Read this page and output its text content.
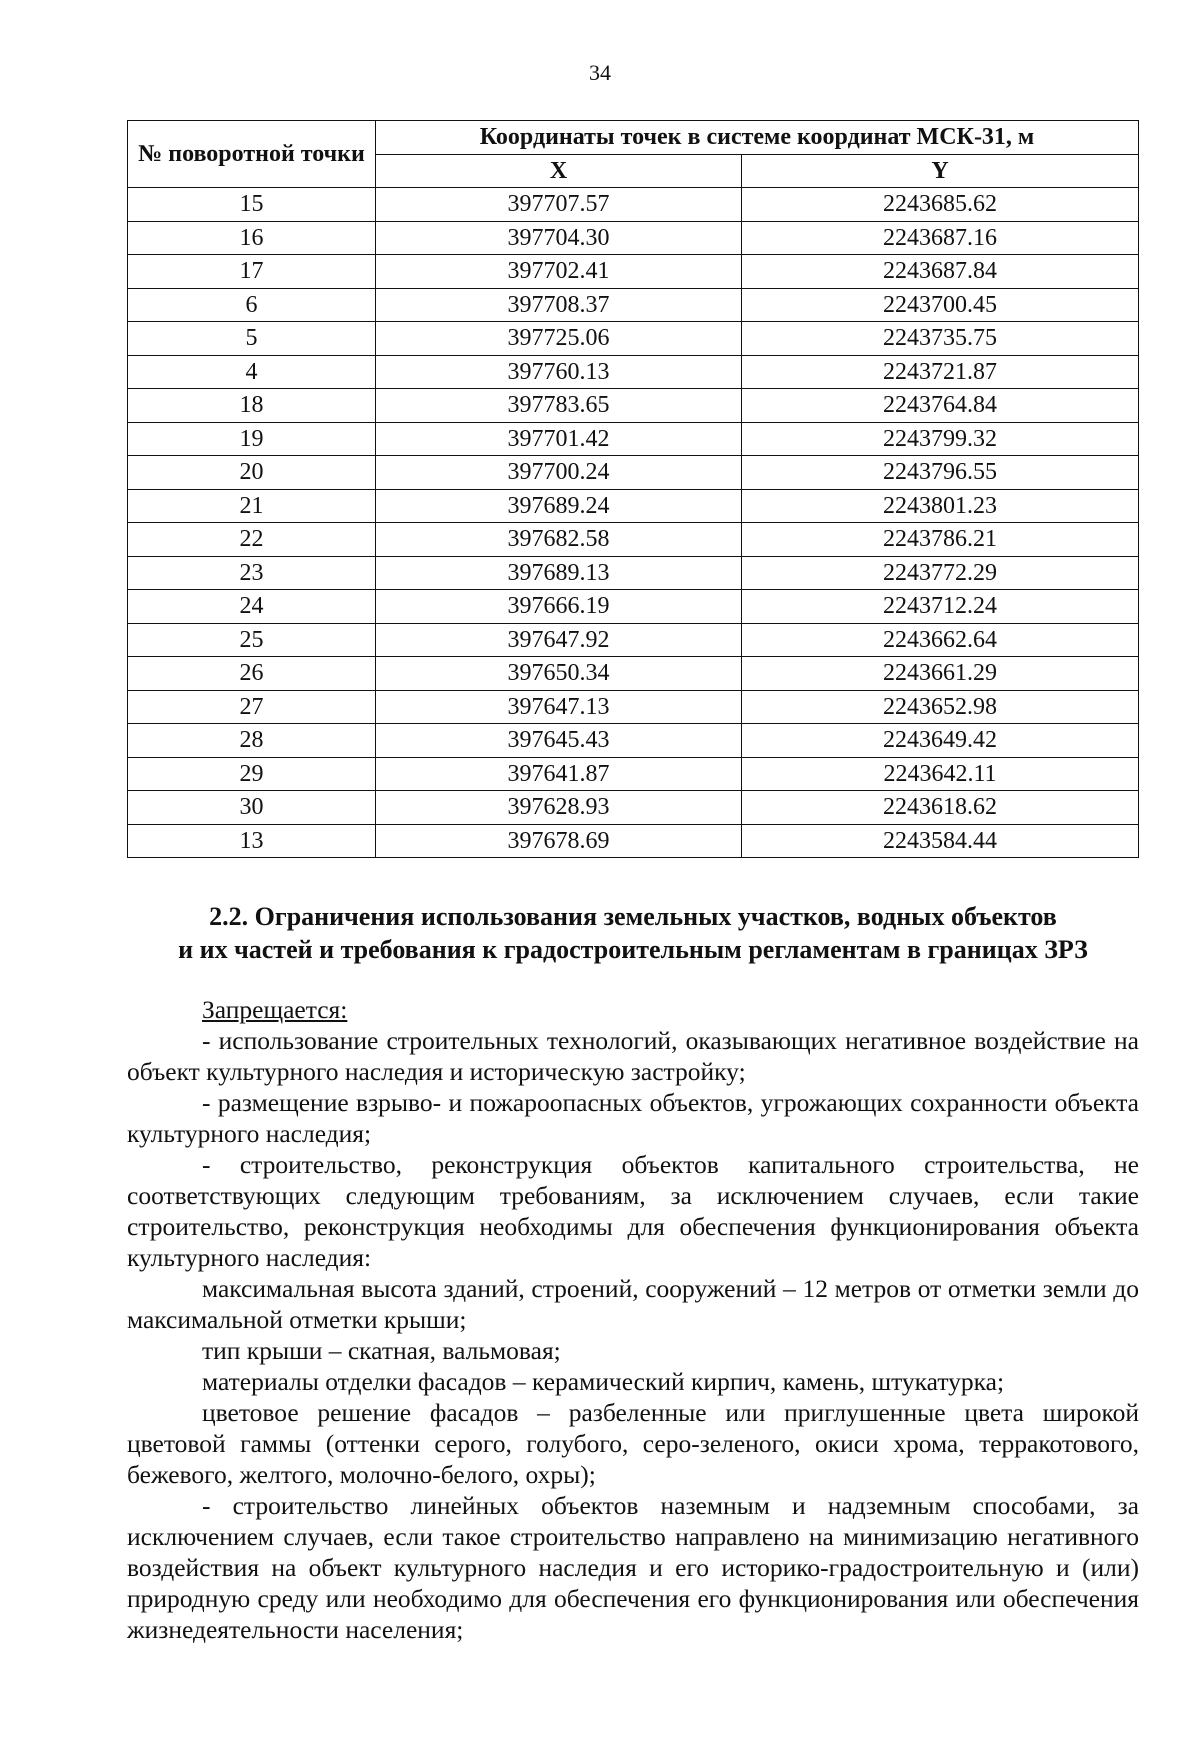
34
№ поворотной точки	Координаты точек в системе координат МСК-31, м	
	X	Y
15	397707.57	2243685.62
16	397704.30	2243687.16
17	397702.41	2243687.84
6	397708.37	2243700.45
5	397725.06	2243735.75
4	397760.13	2243721.87
18	397783.65	2243764.84
19	397701.42	2243799.32
20	397700.24	2243796.55
21	397689.24	2243801.23
22	397682.58	2243786.21
23	397689.13	2243772.29
24	397666.19	2243712.24
25	397647.92	2243662.64
26	397650.34	2243661.29
27	397647.13	2243652.98
28	397645.43	2243649.42
29	397641.87	2243642.11
30	397628.93	2243618.62
13	397678.69	2243584.44
2.2. Ограничения использования земельных участков, водных объектов
и их частей и требования к градостроительным регламентам в границах ЗРЗ

Запрещается:

- использование строительных технологий, оказывающих негативное воздействие на объект культурного наследия и историческую застройку;

- размещение взрыво- и пожароопасных объектов, угрожающих сохранности объекта культурного наследия;

- строительство, реконструкция объектов капитального строительства, не соответствующих следующим требованиям, за исключением случаев, если такие строительство, реконструкция необходимы для обеспечения функционирования объекта культурного наследия:

максимальная высота зданий, строений, сооружений – 12 метров от отметки земли до максимальной отметки крыши;

тип крыши – скатная, вальмовая;

материалы отделки фасадов – керамический кирпич, камень, штукатурка;

цветовое решение фасадов – разбеленные или приглушенные цвета широкой цветовой гаммы (оттенки серого, голубого, серо-зеленого, окиси хрома, терракотового, бежевого, желтого, молочно-белого, охры);

- строительство линейных объектов наземным и надземным способами, за исключением случаев, если такое строительство направлено на минимизацию негативного воздействия на объект культурного наследия и его историко-градостроительную и (или) природную среду или необходимо для обеспечения его функционирования или обеспечения жизнедеятельности населения;
